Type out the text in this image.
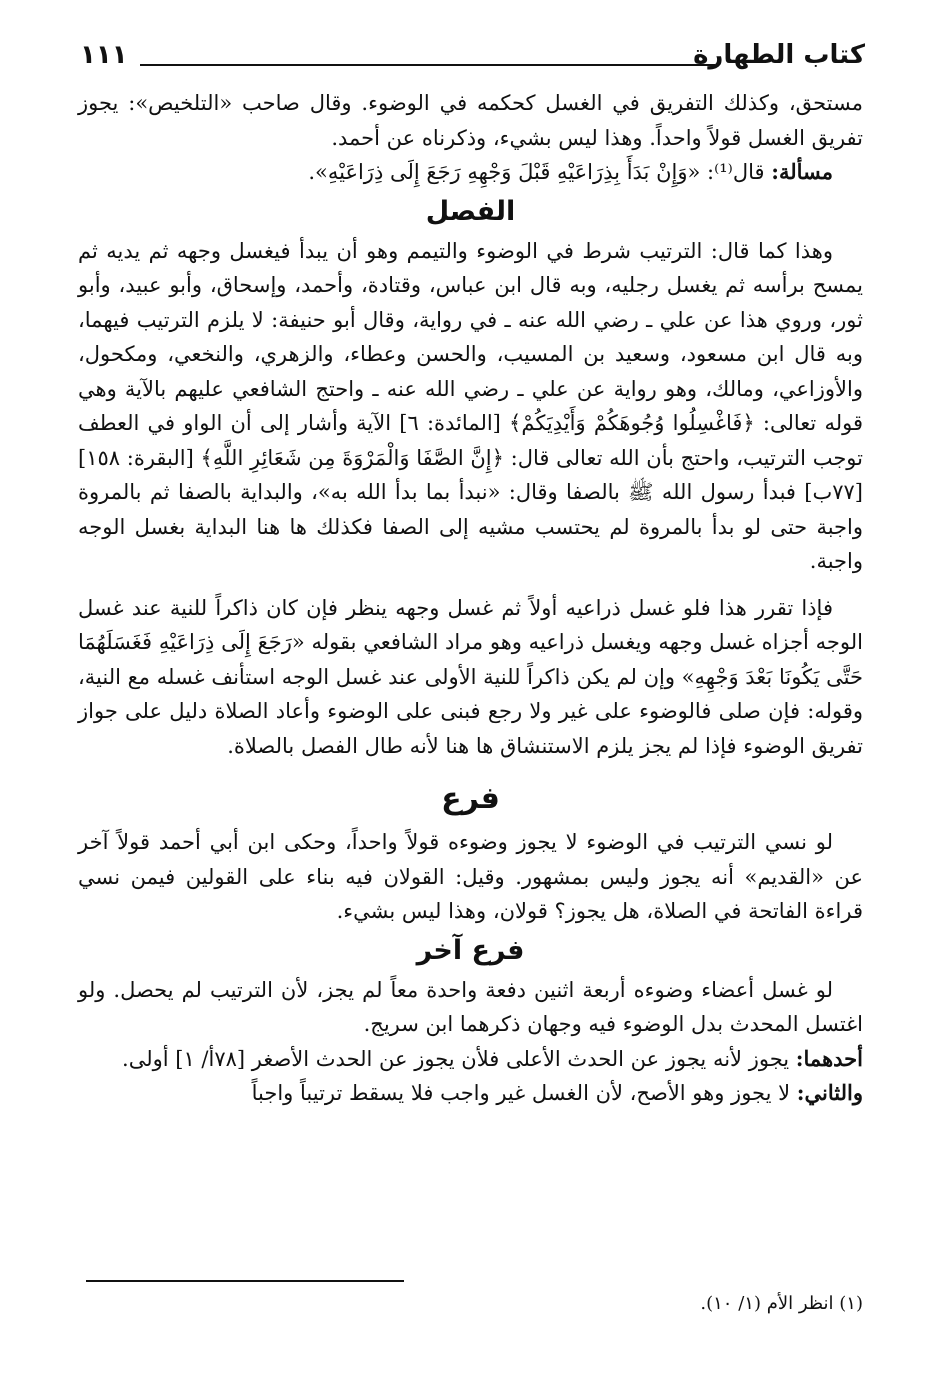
كتاب الطهارة
١١١

مستحق، وكذلك التفريق في الغسل كحكمه في الوضوء. وقال صاحب «التلخيص»: يجوز تفريق الغسل قولاً واحداً. وهذا ليس بشيء، وذكرناه عن أحمد.

مسألة: قال⁽¹⁾: «وَإِنْ بَدَأَ بِذِرَاعَيْهِ قَبْلَ وَجْهِهِ رَجَعَ إِلَى ذِرَاعَيْهِ».

الفصل

وهذا كما قال: الترتيب شرط في الوضوء والتيمم وهو أن يبدأ فيغسل وجهه ثم يديه ثم يمسح برأسه ثم يغسل رجليه، وبه قال ابن عباس، وقتادة، وأحمد، وإسحاق، وأبو عبيد، وأبو ثور، وروي هذا عن علي ـ رضي الله عنه ـ في رواية، وقال أبو حنيفة: لا يلزم الترتيب فيهما، وبه قال ابن مسعود، وسعيد بن المسيب، والحسن وعطاء، والزهري، والنخعي، ومكحول، والأوزاعي، ومالك، وهو رواية عن علي ـ رضي الله عنه ـ واحتج الشافعي عليهم بالآية وهي قوله تعالى: ﴿فَاغْسِلُوا وُجُوهَكُمْ وَأَيْدِيَكُمْ﴾ [المائدة: ٦] الآية وأشار إلى أن الواو في العطف توجب الترتيب، واحتج بأن الله تعالى قال: ﴿إِنَّ الصَّفَا وَالْمَرْوَةَ مِن شَعَائِرِ اللَّهِ﴾ [البقرة: ١٥٨] [٧٧ب] فبدأ رسول الله ﷺ بالصفا وقال: «نبدأ بما بدأ الله به»، والبداية بالصفا ثم بالمروة واجبة حتى لو بدأ بالمروة لم يحتسب مشيه إلى الصفا فكذلك ها هنا البداية بغسل الوجه واجبة.

فإذا تقرر هذا فلو غسل ذراعيه أولاً ثم غسل وجهه ينظر فإن كان ذاكراً للنية عند غسل الوجه أجزاه غسل وجهه ويغسل ذراعيه وهو مراد الشافعي بقوله «رَجَعَ إِلَى ذِرَاعَيْهِ فَغَسَلَهُمَا حَتَّى يَكُونَا بَعْدَ وَجْهِهِ» وإن لم يكن ذاكراً للنية الأولى عند غسل الوجه استأنف غسله مع النية، وقوله: فإن صلى فالوضوء على غير ولا رجع فبنى على الوضوء وأعاد الصلاة دليل على جواز تفريق الوضوء فإذا لم يجز يلزم الاستنشاق ها هنا لأنه طال الفصل بالصلاة.

فرع

لو نسي الترتيب في الوضوء لا يجوز وضوءه قولاً واحداً، وحكى ابن أبي أحمد قولاً آخر عن «القديم» أنه يجوز وليس بمشهور. وقيل: القولان فيه بناء على القولين فيمن نسي قراءة الفاتحة في الصلاة، هل يجوز؟ قولان، وهذا ليس بشيء.

فرع آخر

لو غسل أعضاء وضوءه أربعة اثنين دفعة واحدة معاً لم يجز، لأن الترتيب لم يحصل. ولو اغتسل المحدث بدل الوضوء فيه وجهان ذكرهما ابن سريج.

أحدهما: يجوز لأنه يجوز عن الحدث الأعلى فلأن يجوز عن الحدث الأصغر [٧٨أ/ ١] أولى.

والثاني: لا يجوز وهو الأصح، لأن الغسل غير واجب فلا يسقط ترتيباً واجباً

(١) انظر الأم (١/ ١٠).
